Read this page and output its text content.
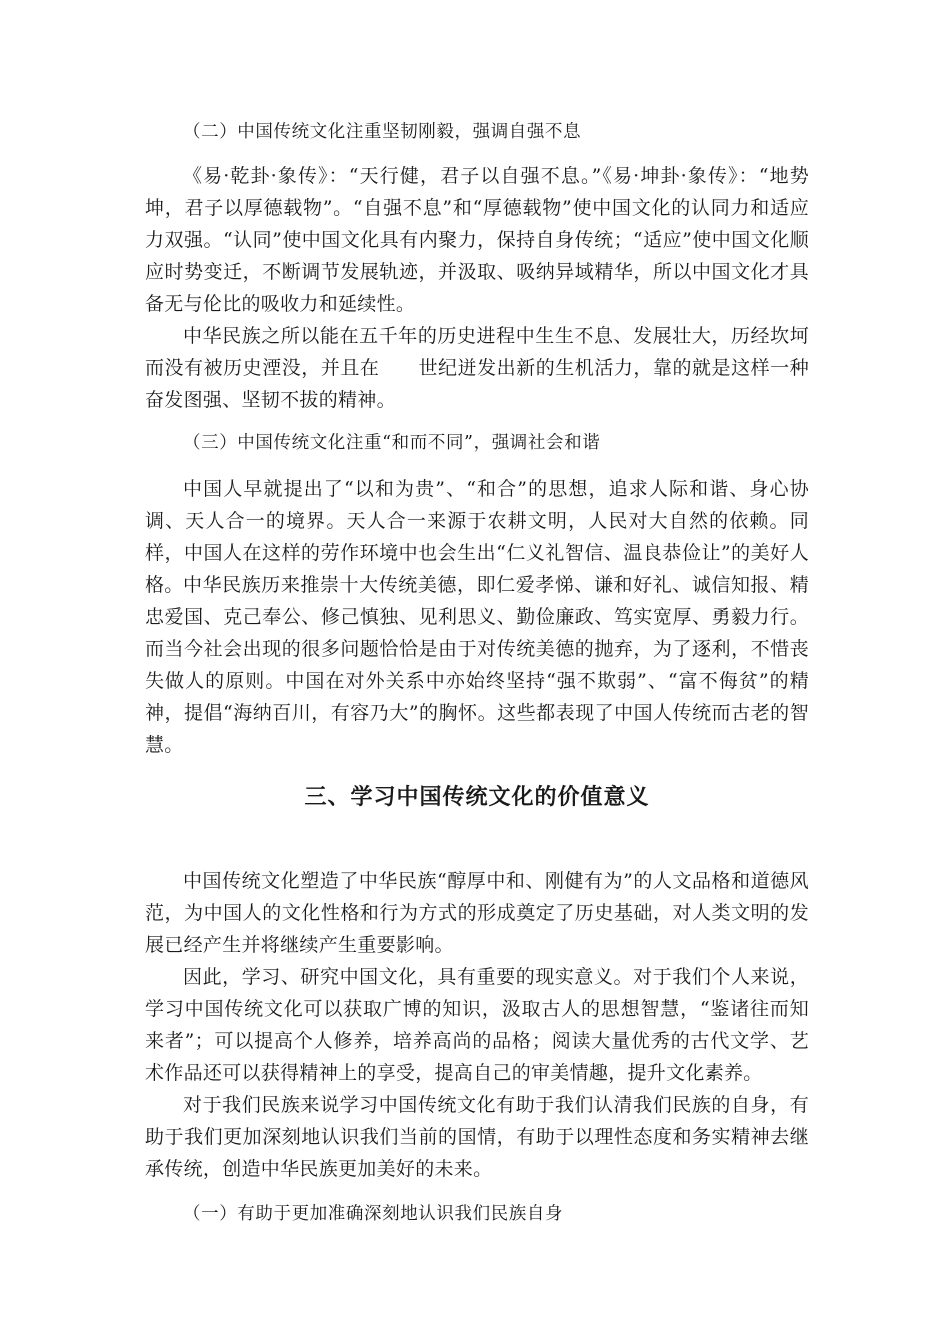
（二）中国传统文化注重坚韧刚毅，强调自强不息

《易·乾卦·象传》：“天行健，君子以自强不息。”《易·坤卦·象传》：“地势坤，君子以厚德载物”。“自强不息”和“厚德载物”使中国文化的认同力和适应力双强。“认同”使中国文化具有内聚力，保持自身传统；“适应”使中国文化顺应时势变迁，不断调节发展轨迹，并汲取、吸纳异域精华，所以中国文化才具备无与伦比的吸收力和延续性。

中华民族之所以能在五千年的历史进程中生生不息、发展壮大，历经坎坷而没有被历史湮没，并且在　　世纪迸发出新的生机活力，靠的就是这样一种奋发图强、坚韧不拔的精神。

（三）中国传统文化注重“和而不同”，强调社会和谐

中国人早就提出了“以和为贵”、“和合”的思想，追求人际和谐、身心协调、天人合一的境界。天人合一来源于农耕文明，人民对大自然的依赖。同样，中国人在这样的劳作环境中也会生出“仁义礼智信、温良恭俭让”的美好人格。 中华民族历来推崇十大传统美德，即仁爱孝悌、谦和好礼、诚信知报、精忠爱国、克己奉公、修己慎独、见利思义、勤俭廉政、笃实宽厚、勇毅力行。而当今社会出现的很多问题恰恰是由于对传统美德的抛弃，为了逐利，不惜丧失做人的原则。中国在对外关系中亦始终坚持“强不欺弱”、“富不侮贫”的精神，提倡“海纳百川，有容乃大”的胸怀。这些都表现了中国人传统而古老的智慧。

三、学习中国传统文化的价值意义

中国传统文化塑造了中华民族“醇厚中和、刚健有为”的人文品格和道德风范，为中国人的文化性格和行为方式的形成奠定了历史基础，对人类文明的发展已经产生并将继续产生重要影响。

因此，学习、研究中国文化，具有重要的现实意义。对于我们个人来说，学习中国传统文化可以获取广博的知识，汲取古人的思想智慧，“鉴诸往而知来者”；可以提高个人修养，培养高尚的品格；阅读大量优秀的古代文学、艺术作品还可以获得精神上的享受，提高自己的审美情趣，提升文化素养。

对于我们民族来说学习中国传统文化有助于我们认清我们民族的自身，有助于我们更加深刻地认识我们当前的国情，有助于以理性态度和务实精神去继承传统，创造中华民族更加美好的未来。

（一）有助于更加准确深刻地认识我们民族自身
